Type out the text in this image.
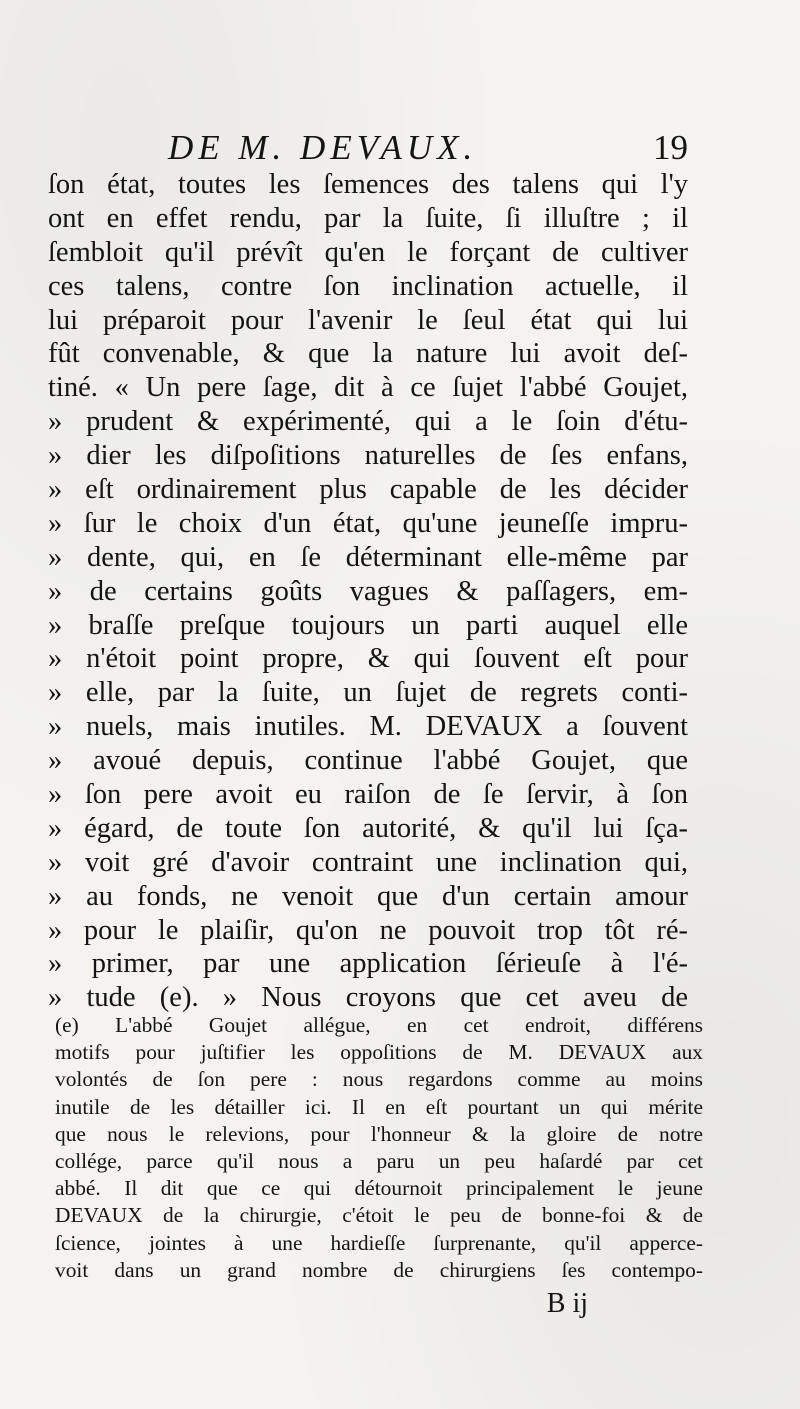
DE M. DEVAUX.	19
ſon état, toutes les ſemences des talens qui l'y
ont en effet rendu, par la ſuite, ſi illuſtre ; il
ſembloit qu'il prévît qu'en le forçant de cultiver
ces talens, contre ſon inclination actuelle, il
lui préparoit pour l'avenir le ſeul état qui lui
fût convenable, & que la nature lui avoit deſ-
tiné. « Un pere ſage, dit à ce ſujet l'abbé Goujet,
» prudent & expérimenté, qui a le ſoin d'étu-
» dier les diſpoſitions naturelles de ſes enfans,
» eſt ordinairement plus capable de les décider
» ſur le choix d'un état, qu'une jeuneſſe impru-
» dente, qui, en ſe déterminant elle-même par
» de certains goûts vagues & paſſagers, em-
» braſſe preſque toujours un parti auquel elle
» n'étoit point propre, & qui ſouvent eſt pour
» elle, par la ſuite, un ſujet de regrets conti-
» nuels, mais inutiles. M. DEVAUX a ſouvent
» avoué depuis, continue l'abbé Goujet, que
» ſon pere avoit eu raiſon de ſe ſervir, à ſon
» égard, de toute ſon autorité, & qu'il lui ſça-
» voit gré d'avoir contraint une inclination qui,
» au fonds, ne venoit que d'un certain amour
» pour le plaiſir, qu'on ne pouvoit trop tôt ré-
» primer, par une application ſérieuſe à l'é-
» tude (e). » Nous croyons que cet aveu de
(e) L'abbé Goujet allégue, en cet endroit, différens
motifs pour juſtifier les oppoſitions de M. DEVAUX aux
volontés de ſon pere : nous regardons comme au moins
inutile de les détailler ici. Il en eſt pourtant un qui mérite
que nous le relevions, pour l'honneur & la gloire de notre
collége, parce qu'il nous a paru un peu haſardé par cet
abbé. Il dit que ce qui détournoit principalement le jeune
DEVAUX de la chirurgie, c'étoit le peu de bonne-foi & de
ſcience, jointes à une hardieſſe ſurprenante, qu'il apperce-
voit dans un grand nombre de chirurgiens ſes contempo-
B ij
